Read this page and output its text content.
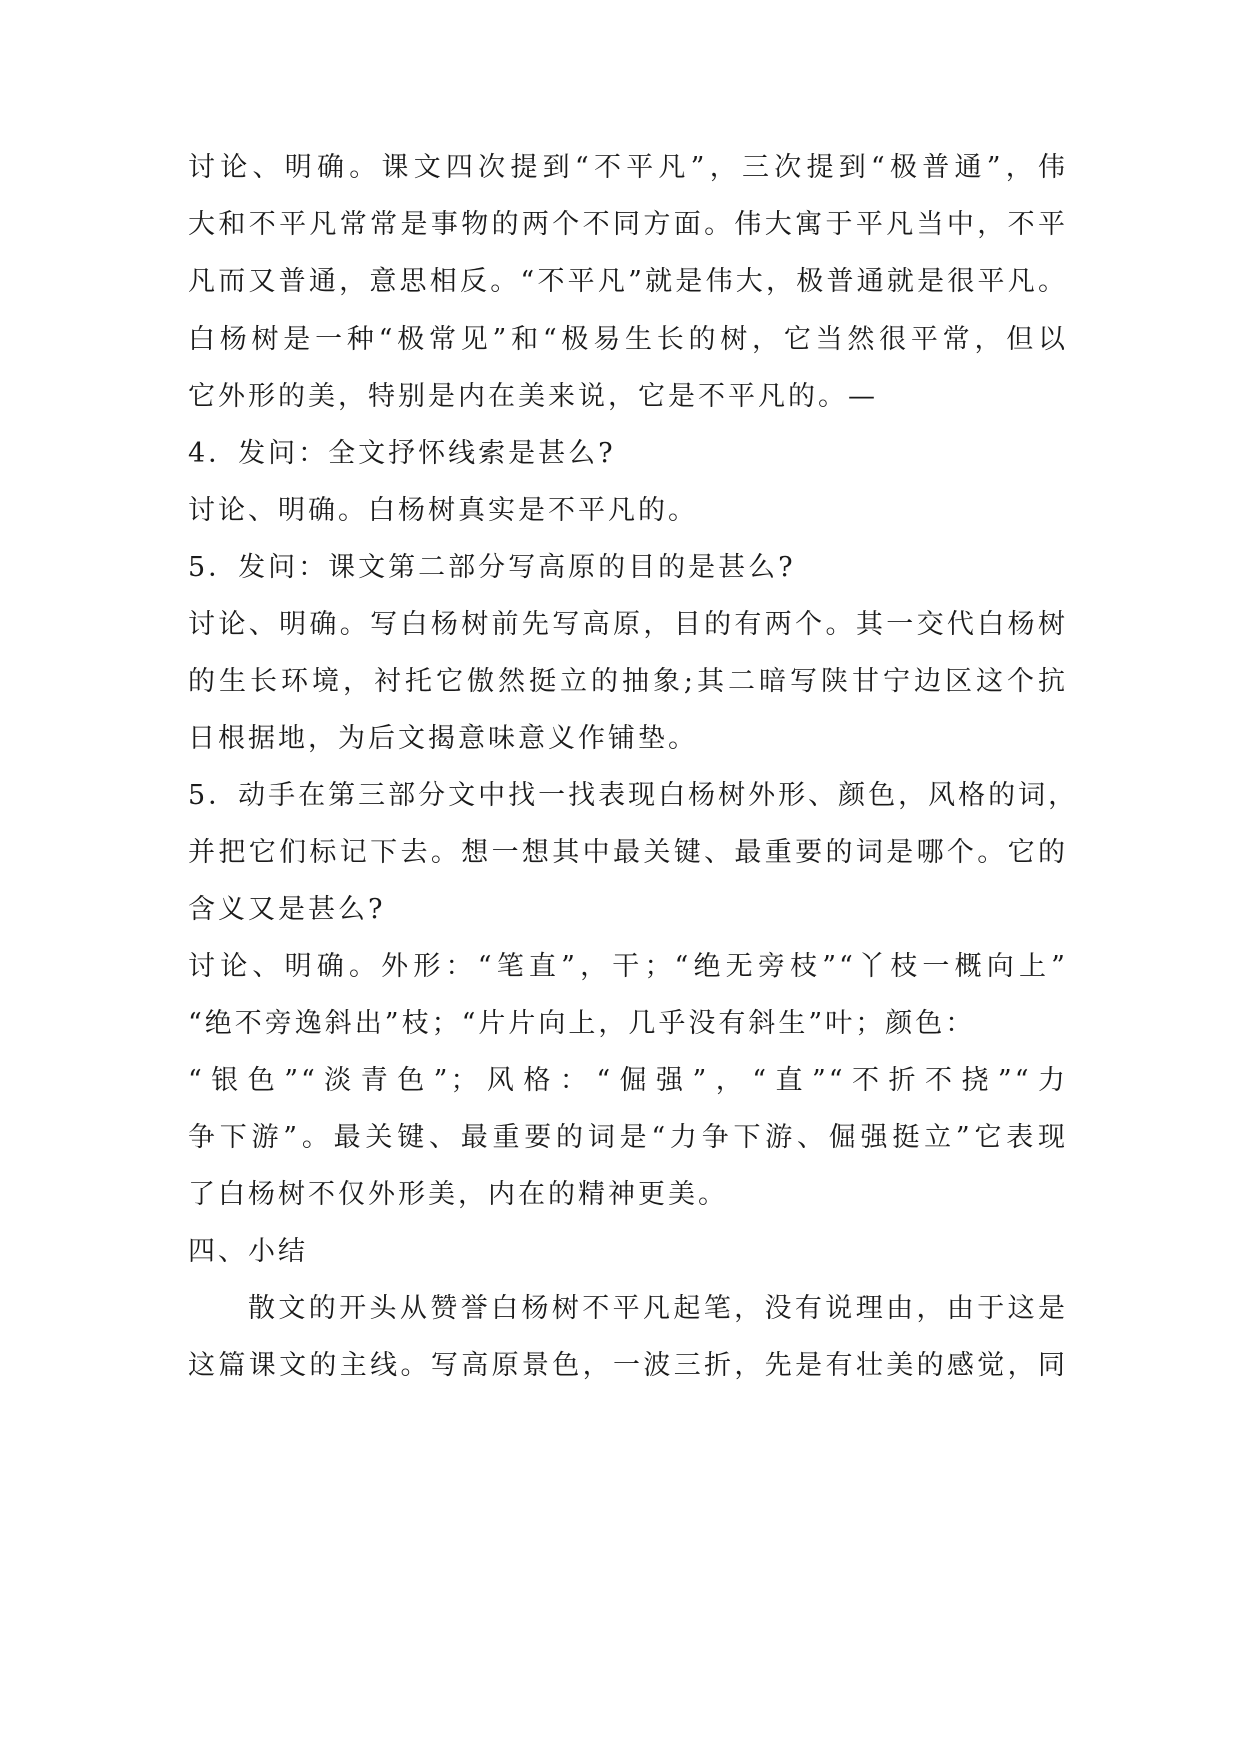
讨论、明确。课文四次提到“不平凡”，三次提到“极普通”，伟
大和不平凡常常是事物的两个不同方面。伟大寓于平凡当中，不平
凡而又普通，意思相反。“不平凡”就是伟大，极普通就是很平凡。
白杨树是一种“极常见”和“极易生长的树，它当然很平常，但以
它外形的美，特别是内在美来说，它是不平凡的。—
4．发问：全文抒怀线索是甚么?
讨论、明确。白杨树真实是不平凡的。
5．发问：课文第二部分写高原的目的是甚么?
讨论、明确。写白杨树前先写高原，目的有两个。其一交代白杨树
的生长环境，衬托它傲然挺立的抽象;其二暗写陕甘宁边区这个抗
日根据地，为后文揭意味意义作铺垫。
5．动手在第三部分文中找一找表现白杨树外形、颜色，风格的词，
并把它们标记下去。想一想其中最关键、最重要的词是哪个。它的
含义又是甚么?
讨论、明确。外形：“笔直”，干；“绝无旁枝”“丫枝一概向上”
“绝不旁逸斜出”枝；“片片向上，几乎没有斜生”叶；颜色：
“银色”“淡青色”；风格：“倔强”，“直”“不折不挠”“力
争下游”。最关键、最重要的词是“力争下游、倔强挺立”它表现
了白杨树不仅外形美，内在的精神更美。
四、小结
散文的开头从赞誉白杨树不平凡起笔，没有说理由，由于这是
这篇课文的主线。写高原景色，一波三折，先是有壮美的感觉，同
